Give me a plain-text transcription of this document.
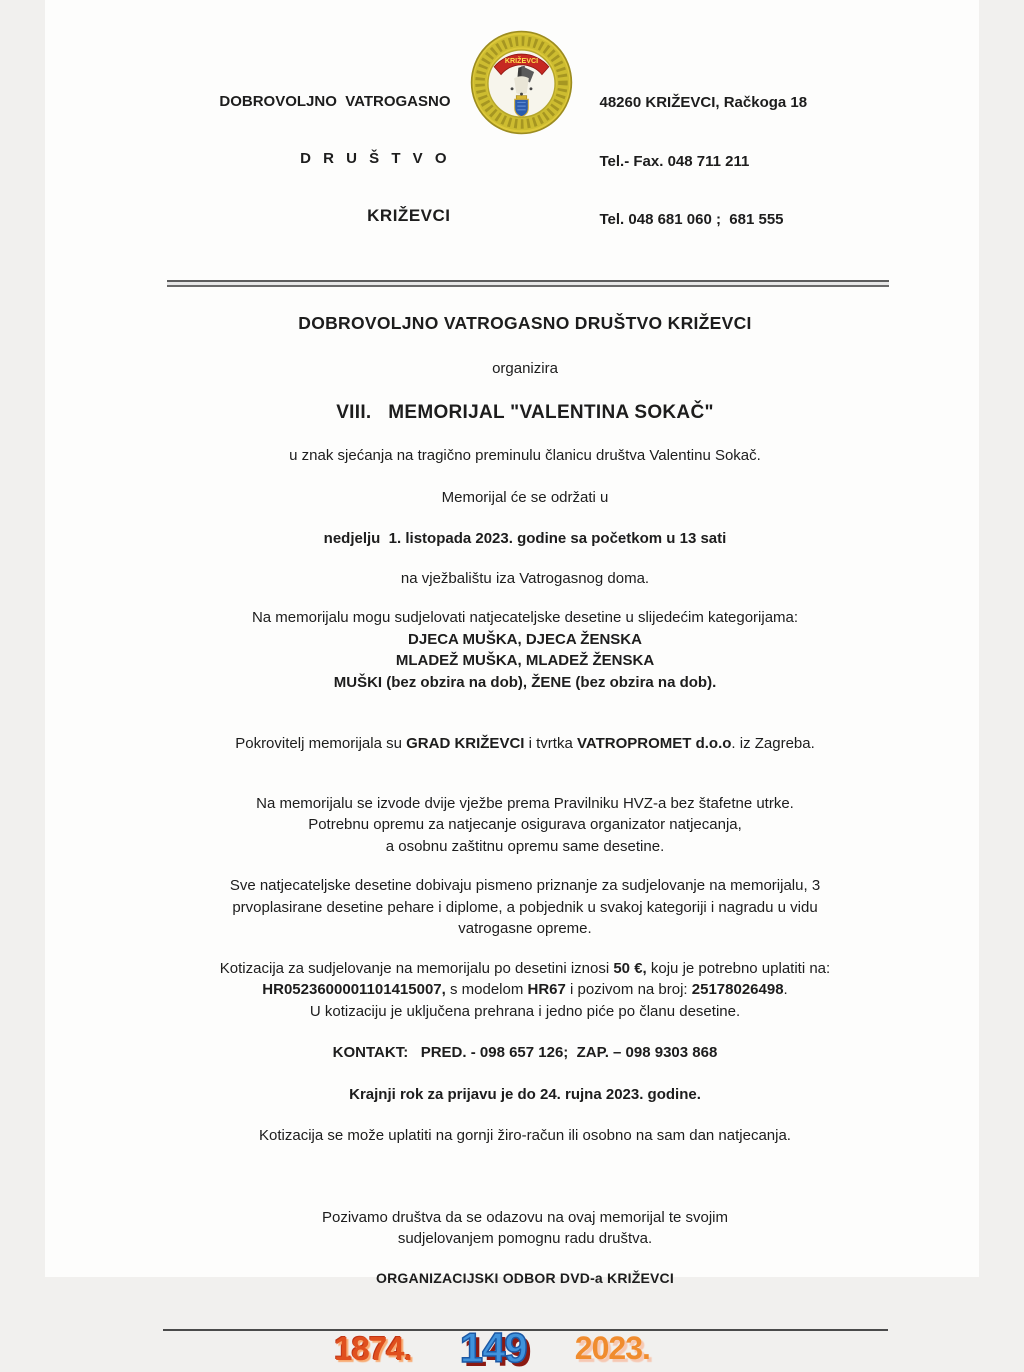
DOBROVOLJNO  VATROGASNO

D R U Š T V O

KRIŽEVCI

KRIŽEVCI

48260 KRIŽEVCI, Račkoga 18

Tel.- Fax. 048 711 211

Tel. 048 681 060 ;  681 555

DOBROVOLJNO VATROGASNO DRUŠTVO KRIŽEVCI
organizira
VIII.   MEMORIJAL "VALENTINA SOKAČ"
u znak sjećanja na tragično preminulu članicu društva Valentinu Sokač.
Memorijal će se održati u
nedjelju  1. listopada 2023. godine sa početkom u 13 sati
na vježbalištu iza Vatrogasnog doma.
Na memorijalu mogu sudjelovati natjecateljske desetine u slijedećim kategorijama:
DJECA MUŠKA, DJECA ŽENSKA
MLADEŽ MUŠKA, MLADEŽ ŽENSKA
MUŠKI (bez obzira na dob), ŽENE (bez obzira na dob).
Pokrovitelj memorijala su GRAD KRIŽEVCI i tvrtka VATROPROMET d.o.o. iz Zagreba.
Na memorijalu se izvode dvije vježbe prema Pravilniku HVZ-a bez štafetne utrke.
Potrebnu opremu za natjecanje osigurava organizator natjecanja,
a osobnu zaštitnu opremu same desetine.
Sve natjecateljske desetine dobivaju pismeno priznanje za sudjelovanje na memorijalu, 3
prvoplasirane desetine pehare i diplome, a pobjednik u svakoj kategoriji i nagradu u vidu
vatrogasne opreme.
Kotizacija za sudjelovanje na memorijalu po desetini iznosi 50 €, koju je potrebno uplatiti na:
HR0523600001101415007, s modelom HR67 i pozivom na broj: 25178026498.
U kotizaciju je uključena prehrana i jedno piće po članu desetine.
KONTAKT:   PRED. - 098 657 126;  ZAP. – 098 9303 868
Krajnji rok za prijavu je do 24. rujna 2023. godine.
Kotizacija se može uplatiti na gornji žiro-račun ili osobno na sam dan natjecanja.
Pozivamo društva da se odazovu na ovaj memorijal te svojim
sudjelovanjem pomognu radu društva.
ORGANIZACIJSKI ODBOR DVD-a KRIŽEVCI
1874. 149 2023.
